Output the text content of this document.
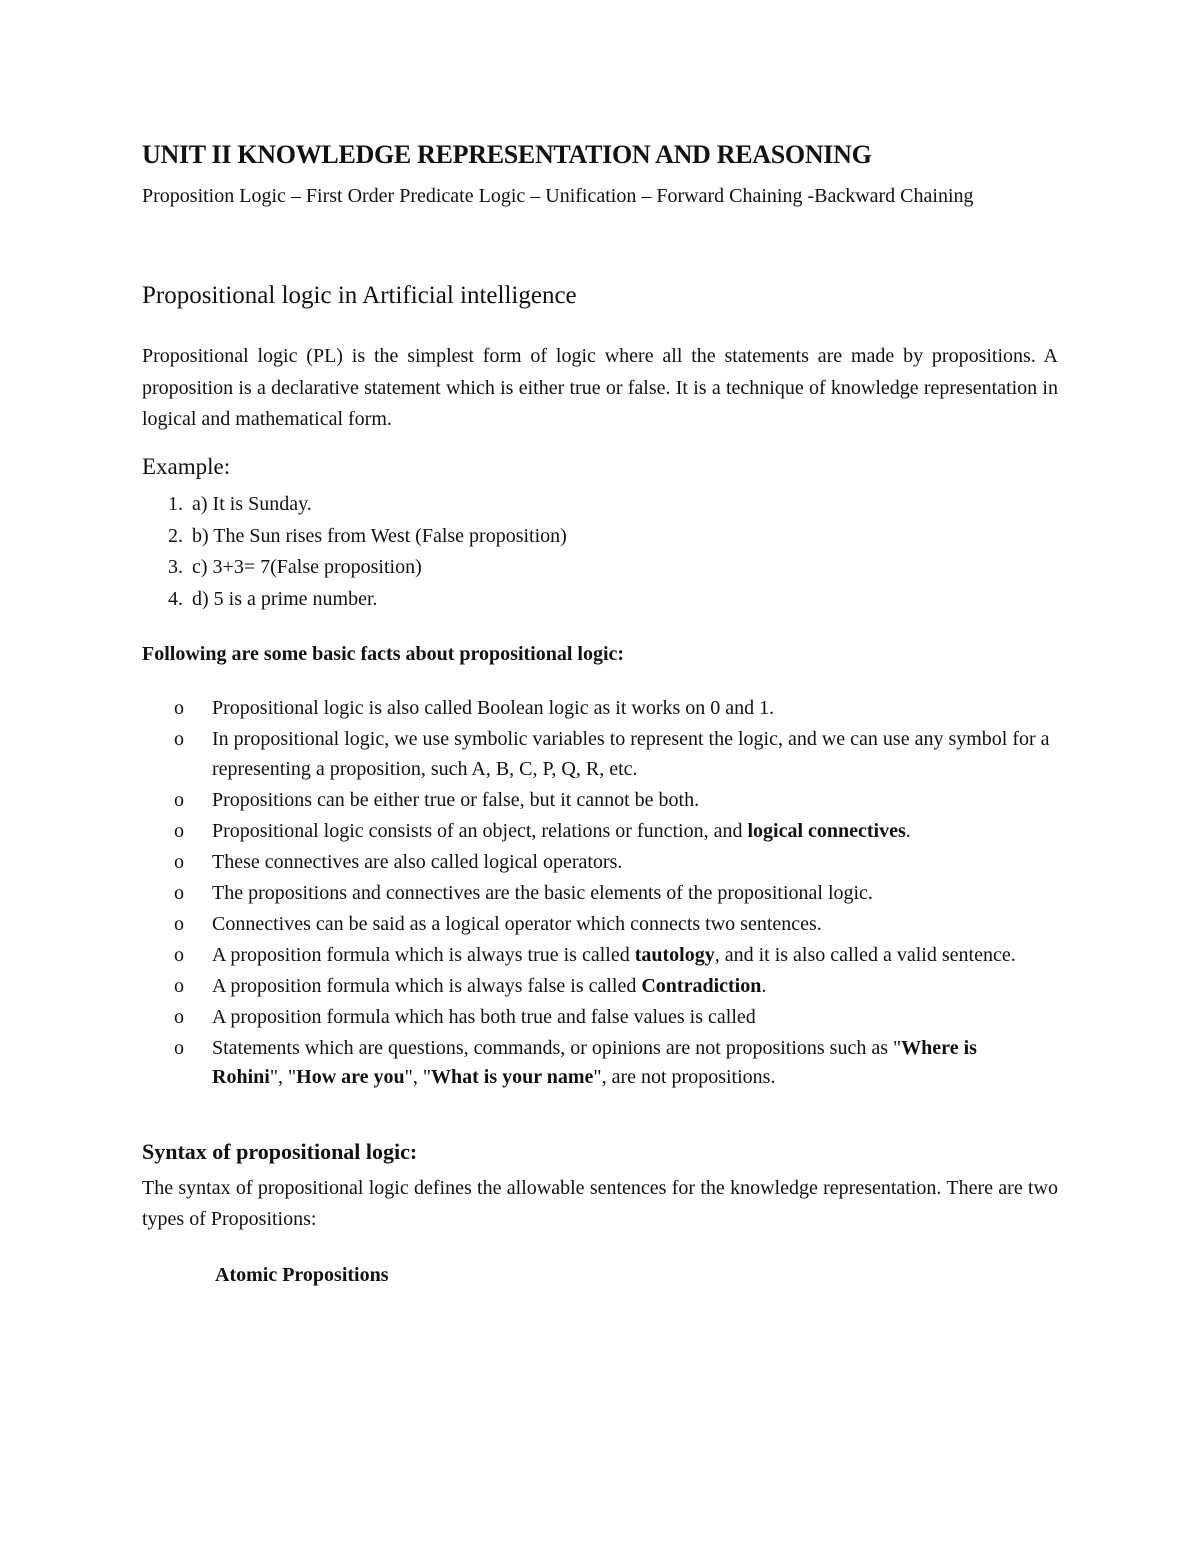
UNIT II KNOWLEDGE REPRESENTATION AND REASONING
Proposition Logic – First Order Predicate Logic – Unification – Forward Chaining -Backward Chaining
Propositional logic in Artificial intelligence
Propositional logic (PL) is the simplest form of logic where all the statements are made by propositions. A proposition is a declarative statement which is either true or false. It is a technique of knowledge representation in logical and mathematical form.
Example:
1. a) It is Sunday.
2. b) The Sun rises from West (False proposition)
3. c) 3+3= 7(False proposition)
4. d) 5 is a prime number.
Following are some basic facts about propositional logic:
o Propositional logic is also called Boolean logic as it works on 0 and 1.
o In propositional logic, we use symbolic variables to represent the logic, and we can use any symbol for a representing a proposition, such A, B, C, P, Q, R, etc.
o Propositions can be either true or false, but it cannot be both.
o Propositional logic consists of an object, relations or function, and logical connectives.
o These connectives are also called logical operators.
o The propositions and connectives are the basic elements of the propositional logic.
o Connectives can be said as a logical operator which connects two sentences.
o A proposition formula which is always true is called tautology, and it is also called a valid sentence.
o A proposition formula which is always false is called Contradiction.
o A proposition formula which has both true and false values is called
o Statements which are questions, commands, or opinions are not propositions such as "Where is Rohini", "How are you", "What is your name", are not propositions.
Syntax of propositional logic:
The syntax of propositional logic defines the allowable sentences for the knowledge representation. There are two types of Propositions:
Atomic Propositions
